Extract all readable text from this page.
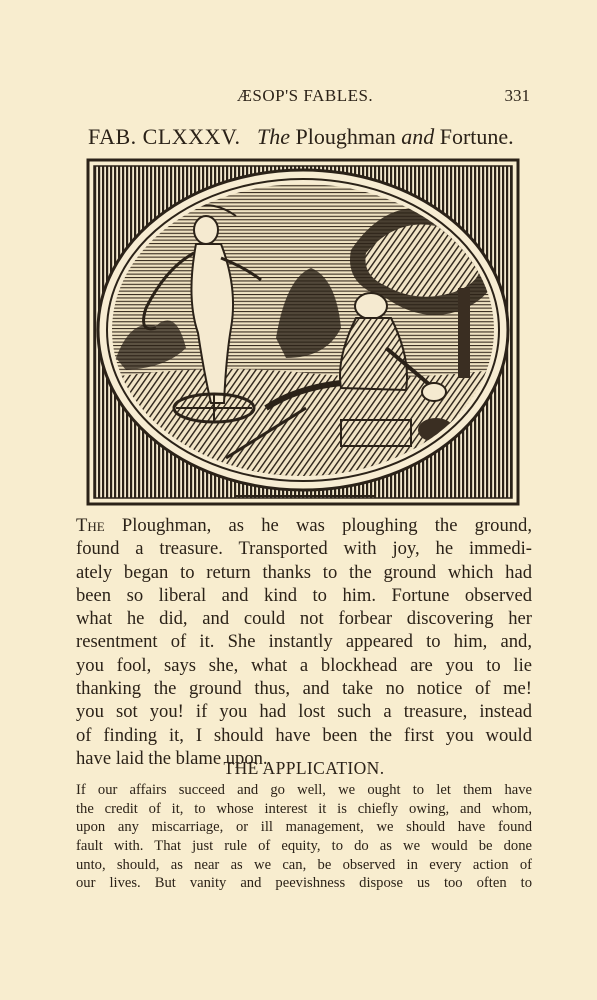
ÆSOP'S FABLES.	331
FAB. CLXXXV. The Ploughman and Fortune.
The Ploughman, as he was ploughing the ground,
found a treasure. Transported with joy, he immedi-
ately began to return thanks to the ground which had
been so liberal and kind to him. Fortune observed
what he did, and could not forbear discovering her
resentment of it. She instantly appeared to him, and,
you fool, says she, what a blockhead are you to lie
thanking the ground thus, and take no notice of me!
you sot you! if you had lost such a treasure, instead
of finding it, I should have been the first you would
have laid the blame upon.
THE APPLICATION.
If our affairs succeed and go well, we ought to let them have
the credit of it, to whose interest it is chiefly owing, and whom,
upon any miscarriage, or ill management, we should have found
fault with. That just rule of equity, to do as we would be done
unto, should, as near as we can, be observed in every action of
our lives. But vanity and peevishness dispose us too often to
